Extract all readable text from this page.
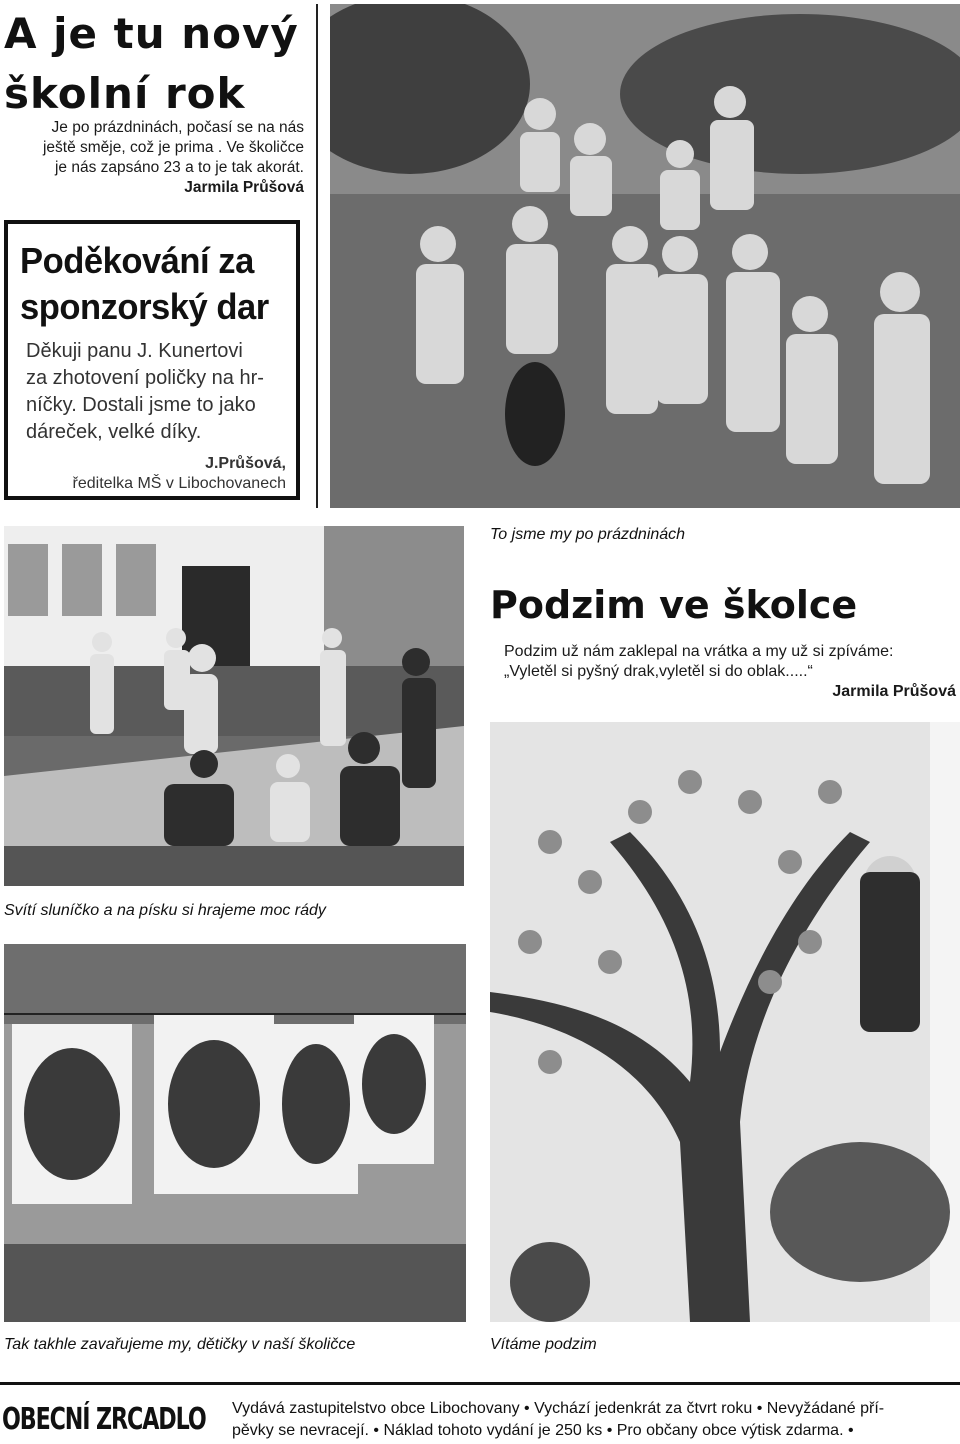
A je tu nový
školní rok
Je po prázdninách, počasí se na nás
ještě směje, což je prima . Ve školičce
je nás zapsáno 23 a to je tak akorát.
Jarmila Průšová
Poděkování za
sponzorský dar
Děkuji panu J. Kunertovi
za zhotovení poličky na hr-
níčky. Dostali jsme to jako
dáreček, velké díky.
J.Průšová,
ředitelka MŠ v Libochovanech
To jsme my po prázdninách
Podzim ve školce
Podzim už nám zaklepal na vrátka a my už si zpíváme:
„Vyletěl si pyšný drak,vyletěl si do oblak.....“
Jarmila Průšová
Svítí sluníčko a na písku si hrajeme moc rády
Tak takhle zavařujeme my, dětičky v naší školičce	Vítáme podzim
OBECNÍ ZRCADLO Vydává zastupitelstvo obce Libochovany • Vychází jedenkrát za čtvrt roku • Nevyžádané pří-
pěvky se nevracejí. • Náklad tohoto vydání je 250 ks • Pro občany obce výtisk zdarma. •
